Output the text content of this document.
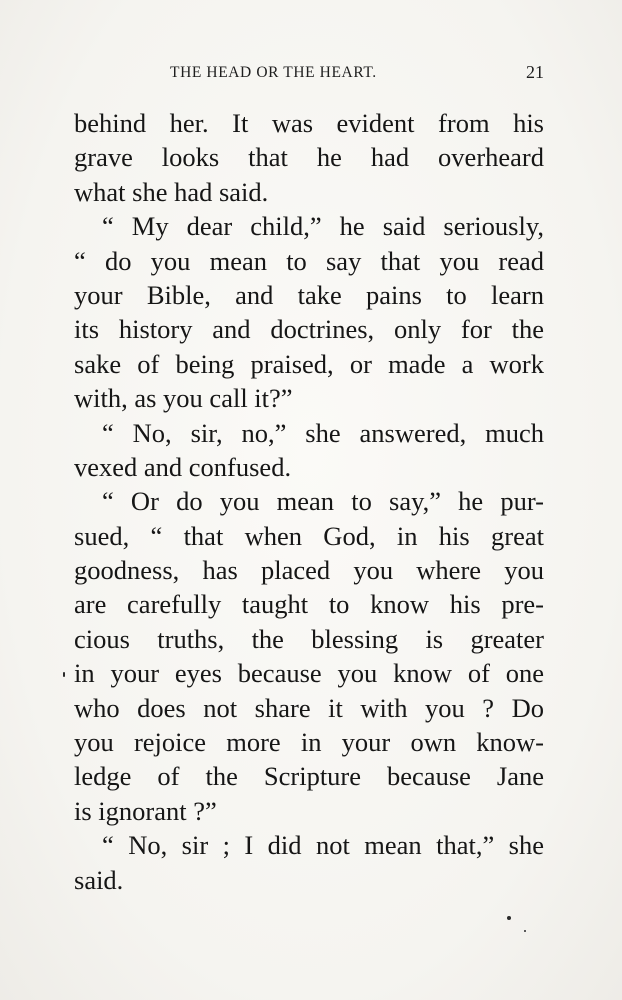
THE HEAD OR THE HEART.	21
behind her. It was evident from his
grave looks that he had overheard
what she had said.
“ My dear child,” he said seriously,
“ do you mean to say that you read
your Bible, and take pains to learn
its history and doctrines, only for the
sake of being praised, or made a work
with, as you call it?”
“ No, sir, no,” she answered, much
vexed and confused.
“ Or do you mean to say,” he pur-
sued, “ that when God, in his great
goodness, has placed you where you
are carefully taught to know his pre-
cious truths, the blessing is greater
in your eyes because you know of one
who does not share it with you ? Do
you rejoice more in your own know-
ledge of the Scripture because Jane
is ignorant ?”
“ No, sir ; I did not mean that,” she
said.
